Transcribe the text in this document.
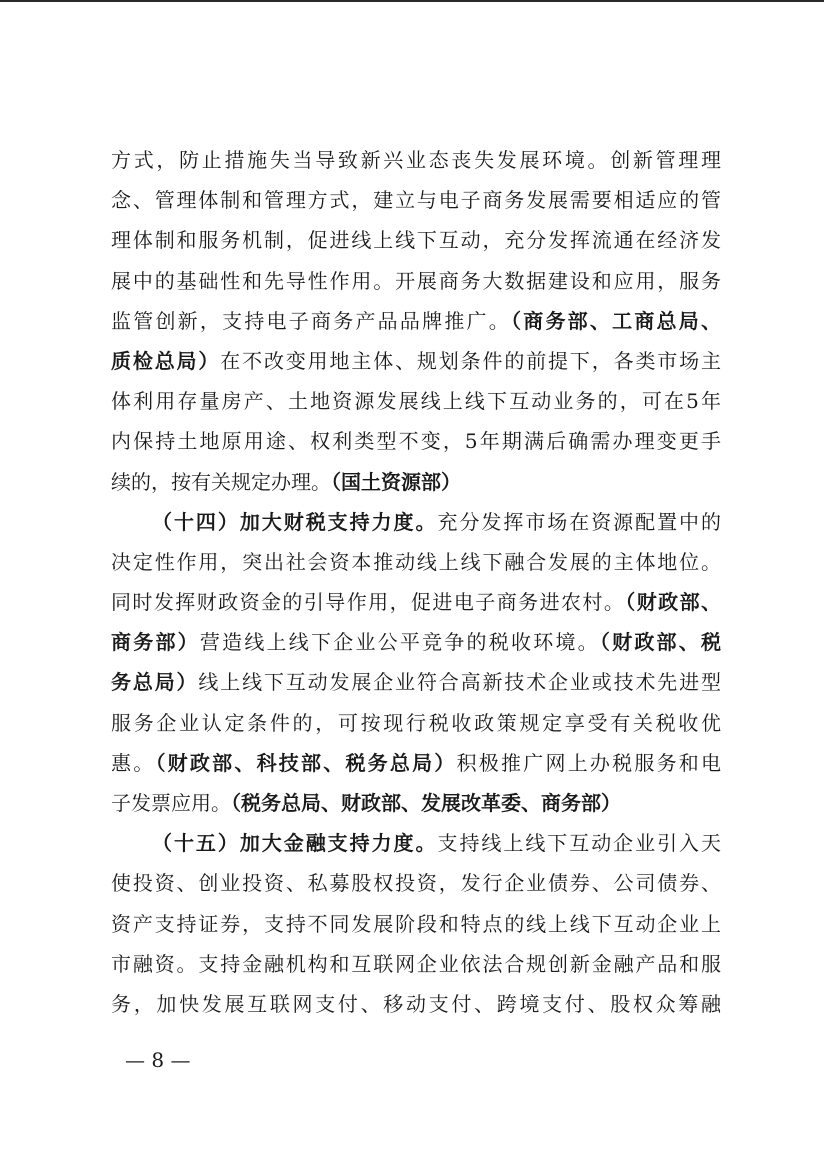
方式，防止措施失当导致新兴业态丧失发展环境。创新管理理
念、管理体制和管理方式，建立与电子商务发展需要相适应的管
理体制和服务机制，促进线上线下互动，充分发挥流通在经济发
展中的基础性和先导性作用。开展商务大数据建设和应用，服务
监管创新，支持电子商务产品品牌推广。（商务部、工商总局、
质检总局）在不改变用地主体、规划条件的前提下，各类市场主
体利用存量房产、土地资源发展线上线下互动业务的，可在5年
内保持土地原用途、权利类型不变，5年期满后确需办理变更手
续的，按有关规定办理。（国土资源部）
（十四）加大财税支持力度。充分发挥市场在资源配置中的
决定性作用，突出社会资本推动线上线下融合发展的主体地位。
同时发挥财政资金的引导作用，促进电子商务进农村。（财政部、
商务部）营造线上线下企业公平竞争的税收环境。（财政部、税
务总局）线上线下互动发展企业符合高新技术企业或技术先进型
服务企业认定条件的，可按现行税收政策规定享受有关税收优
惠。（财政部、科技部、税务总局）积极推广网上办税服务和电
子发票应用。（税务总局、财政部、发展改革委、商务部）
（十五）加大金融支持力度。支持线上线下互动企业引入天
使投资、创业投资、私募股权投资，发行企业债券、公司债券、
资产支持证券，支持不同发展阶段和特点的线上线下互动企业上
市融资。支持金融机构和互联网企业依法合规创新金融产品和服
务，加快发展互联网支付、移动支付、跨境支付、股权众筹融
— 8 —
